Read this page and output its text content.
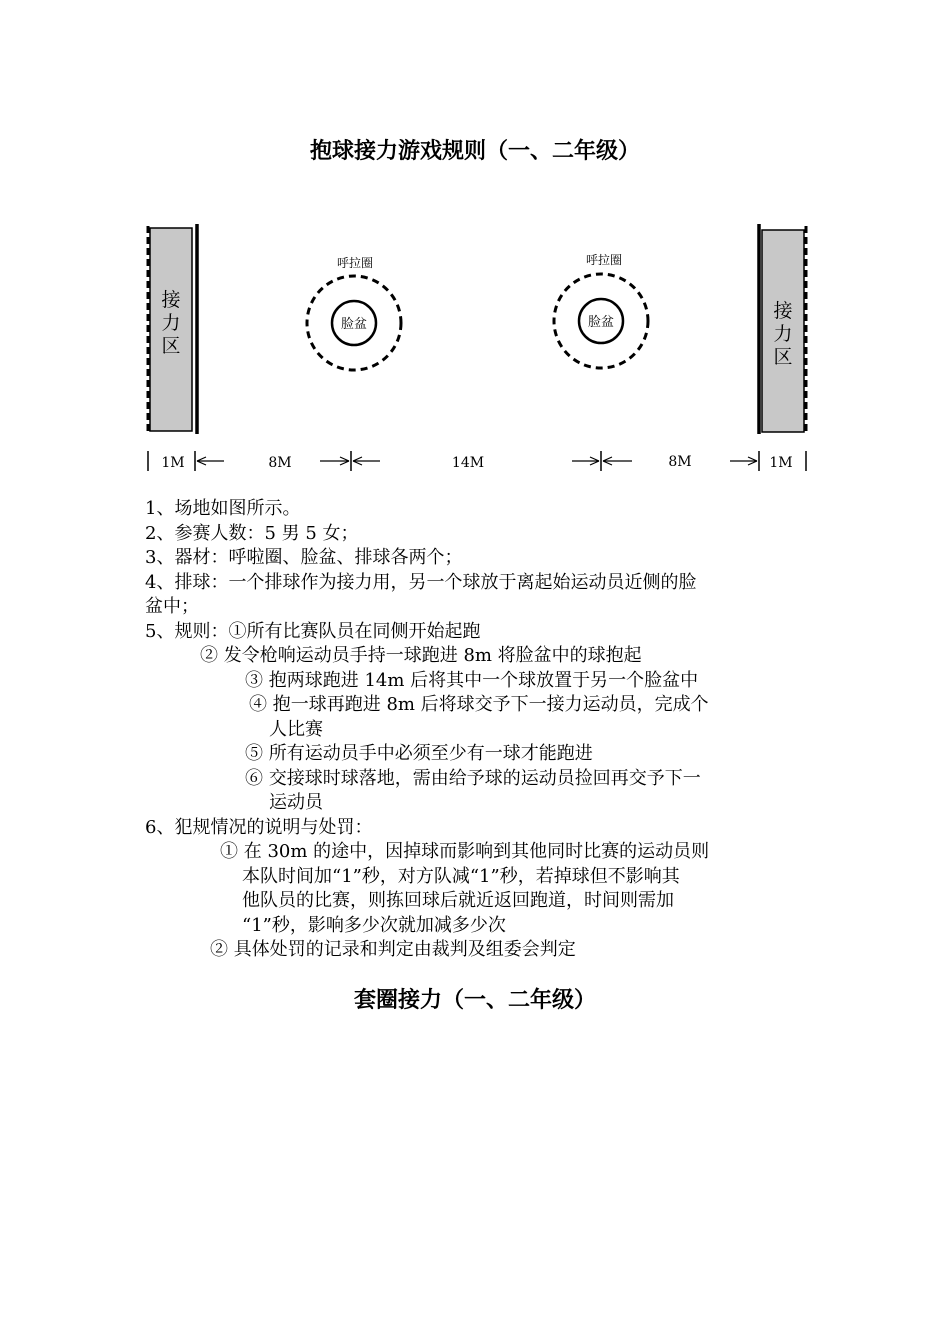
抱球接力游戏规则（一、二年级）
接
力
区
接
力
区
呼拉圈
脸盆
呼拉圈
脸盆
1M	8M	14M	8M	1M
1、场地如图所示。
2、参赛人数：5 男 5 女；
3、器材：呼啦圈、脸盆、排球各两个；
4、排球：一个排球作为接力用，另一个球放于离起始运动员近侧的脸
盆中；
5、规则：①所有比赛队员在同侧开始起跑
② 发令枪响运动员手持一球跑进 8m 将脸盆中的球抱起
③ 抱两球跑进 14m 后将其中一个球放置于另一个脸盆中
④ 抱一球再跑进 8m 后将球交予下一接力运动员，完成个
人比赛
⑤ 所有运动员手中必须至少有一球才能跑进
⑥ 交接球时球落地，需由给予球的运动员捡回再交予下一
运动员
6、犯规情况的说明与处罚：
① 在 30m 的途中，因掉球而影响到其他同时比赛的运动员则
本队时间加“1”秒，对方队减“1”秒，若掉球但不影响其
他队员的比赛，则拣回球后就近返回跑道，时间则需加
“1”秒，影响多少次就加减多少次
② 具体处罚的记录和判定由裁判及组委会判定
套圈接力（一、二年级）
